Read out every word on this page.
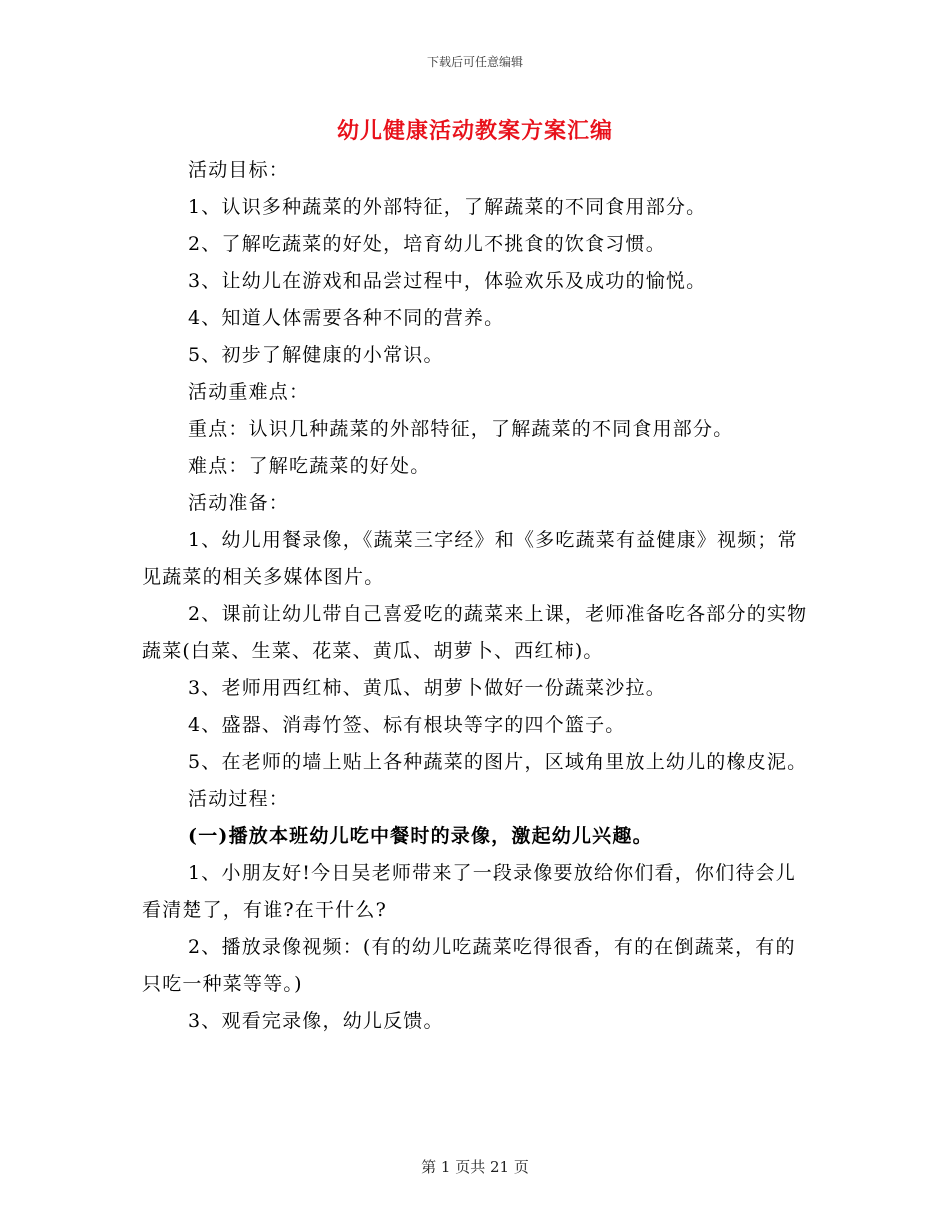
下载后可任意编辑
幼儿健康活动教案方案汇编

活动目标：

1、认识多种蔬菜的外部特征，了解蔬菜的不同食用部分。

2、了解吃蔬菜的好处，培育幼儿不挑食的饮食习惯。

3、让幼儿在游戏和品尝过程中，体验欢乐及成功的愉悦。

4、知道人体需要各种不同的营养。

5、初步了解健康的小常识。

活动重难点：

重点：认识几种蔬菜的外部特征，了解蔬菜的不同食用部分。

难点：了解吃蔬菜的好处。

活动准备：

1、幼儿用餐录像，《蔬菜三字经》和《多吃蔬菜有益健康》视频；常见蔬菜的相关多媒体图片。

2、课前让幼儿带自己喜爱吃的蔬菜来上课，老师准备吃各部分的实物蔬菜(白菜、生菜、花菜、黄瓜、胡萝卜、西红柿)。

3、老师用西红柿、黄瓜、胡萝卜做好一份蔬菜沙拉。

4、盛器、消毒竹签、标有根块等字的四个篮子。

5、在老师的墙上贴上各种蔬菜的图片，区域角里放上幼儿的橡皮泥。

活动过程：

(一)播放本班幼儿吃中餐时的录像，激起幼儿兴趣。

1、小朋友好!今日吴老师带来了一段录像要放给你们看，你们待会儿看清楚了，有谁?在干什么?

2、播放录像视频：(有的幼儿吃蔬菜吃得很香，有的在倒蔬菜，有的只吃一种菜等等。)

3、观看完录像，幼儿反馈。

第 1 页共 21 页
